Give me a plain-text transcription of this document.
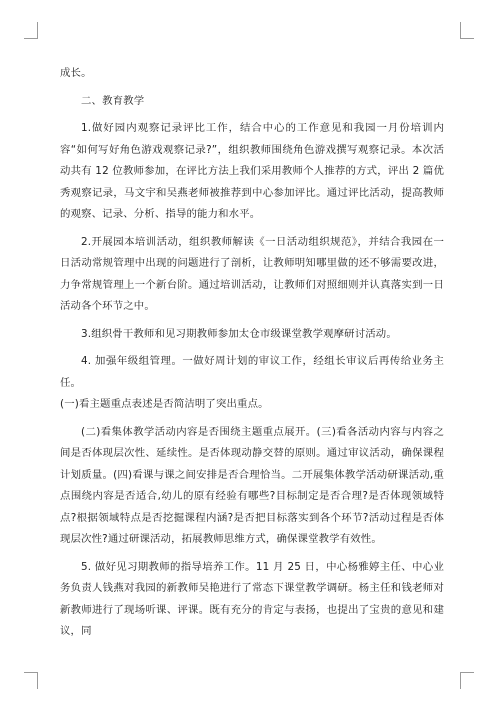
成长。

二、教育教学

1.做好园内观察记录评比工作，结合中心的工作意见和我园一月份培训内容“如何写好角色游戏观察记录?”，组织教师围绕角色游戏撰写观察记录。本次活动共有 12 位教师参加，在评比方法上我们采用教师个人推荐的方式，评出 2 篇优秀观察记录，马文宇和吴燕老师被推荐到中心参加评比。通过评比活动，提高教师的观察、记录、分析、指导的能力和水平。

2.开展园本培训活动，组织教师解读《一日活动组织规范》，并结合我园在一日活动常规管理中出现的问题进行了剖析，让教师明知哪里做的还不够需要改进，力争常规管理上一个新台阶。通过培训活动，让教师们对照细则并认真落实到一日活动各个环节之中。

3.组织骨干教师和见习期教师参加太仓市级课堂教学观摩研讨活动。

4. 加强年级组管理。一做好周计划的审议工作，经组长审议后再传给业务主任。

(一)看主题重点表述是否简洁明了突出重点。

(二)看集体教学活动内容是否围绕主题重点展开。(三)看各活动内容与内容之间是否体现层次性、延续性。是否体现动静交替的原则。通过审议活动，确保课程计划质量。(四)看课与课之间安排是否合理恰当。二开展集体教学活动研课活动,重点围绕内容是否适合,幼儿的原有经验有哪些?目标制定是否合理?是否体现领域特点?根据领域特点是否挖掘课程内涵?是否把目标落实到各个环节?活动过程是否体现层次性?通过研课活动，拓展教师思维方式，确保课堂教学有效性。

5. 做好见习期教师的指导培养工作。11 月 25 日，中心杨雅婷主任、中心业务负责人钱燕对我园的新教师吴艳进行了常态下课堂教学调研。杨主任和钱老师对新教师进行了现场听课、评课。既有充分的肯定与表扬，也提出了宝贵的意见和建议，同
